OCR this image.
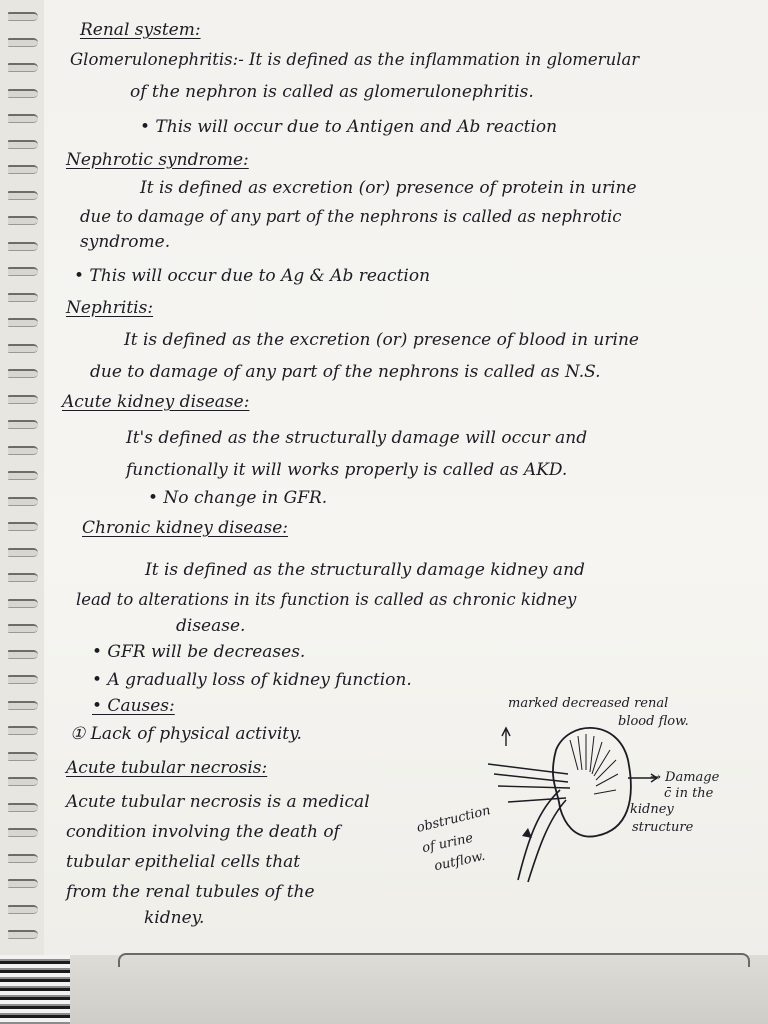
Renal system:
Glomerulonephritis:- It is defined as the inflammation in glomerular
of the nephron is called as glomerulonephritis.
• This will occur due to Antigen and Ab reaction
Nephrotic syndrome:
It is defined as excretion (or) presence of protein in urine
due to damage of any part of the nephrons is called as nephrotic
syndrome.
• This will occur due to Ag & Ab reaction
Nephritis:
It is defined as the excretion (or) presence of blood in urine
due to damage of any part of the nephrons is called as N.S.
Acute kidney disease:
It's defined as the structurally damage will occur and
functionally it will works properly is called as AKD.
• No change in GFR.
Chronic kidney disease:
It is defined as the structurally damage kidney and
lead to alterations in its function is called as chronic kidney
disease.
• GFR will be decreases.
• A gradually loss of kidney function.
• Causes:
① Lack of physical activity.
Acute tubular necrosis:
Acute tubular necrosis is a medical
condition involving the death of
tubular epithelial cells that
from the renal tubules of the
kidney.
marked decreased renal
blood flow.
→ Damage
c̄ in the
kidney
structure
obstruction
of urine
outflow.
